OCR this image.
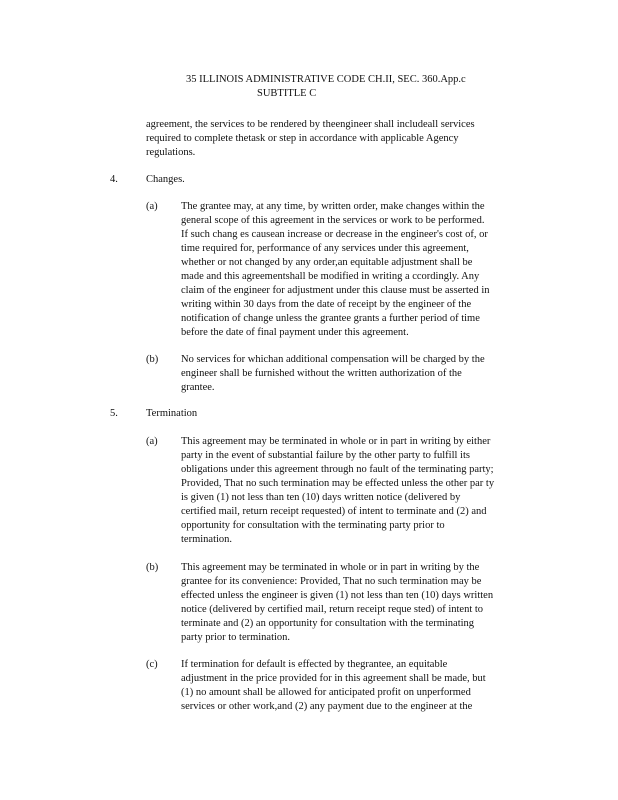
35 ILLINOIS ADMINISTRATIVE CODE CH.II, SEC. 360.App.c
SUBTITLE C
agreement, the services to be rendered by theengineer shall includeall services
required to complete thetask or step in accordance with applicable Agency
regulations.
4.	Changes.
(a) The grantee may, at any time, by written order, make changes within the
general scope of this agreement in the services or work to be performed.
If such chang es causean increase or decrease in the engineer's cost of, or
time required for, performance of any services under this agreement,
whether or not changed by any order,an equitable adjustment shall be
made and this agreementshall be modified in writing a ccordingly. Any
claim of the engineer for adjustment under this clause must be asserted in
writing within 30 days from the date of receipt by the engineer of the
notification of change unless the grantee grants a further period of time
before the date of final payment under this agreement.
(b) No services for whichan additional compensation will be charged by the
engineer shall be furnished without the written authorization of the
grantee.
5.	Termination
(a) This agreement may be terminated in whole or in part in writing by either
party in the event of substantial failure by the other party to fulfill its
obligations under this agreement through no fault of the terminating party;
Provided, That no such termination may be effected unless the other par ty
is given (1) not less than ten (10) days written notice (delivered by
certified mail, return receipt requested) of intent to terminate and (2) and
opportunity for consultation with the terminating party prior to
termination.
(b) This agreement may be terminated in whole or in part in writing by the
grantee for its convenience: Provided, That no such termination may be
effected unless the engineer is given (1) not less than ten (10) days written
notice (delivered by certified mail, return receipt reque sted) of intent to
terminate and (2) an opportunity for consultation with the terminating
party prior to termination.
(c) If termination for default is effected by thegrantee, an equitable
adjustment in the price provided for in this agreement shall be made, but
(1) no amount shall be allowed for anticipated profit on unperformed
services or other work,and (2) any payment due to the engineer at the
